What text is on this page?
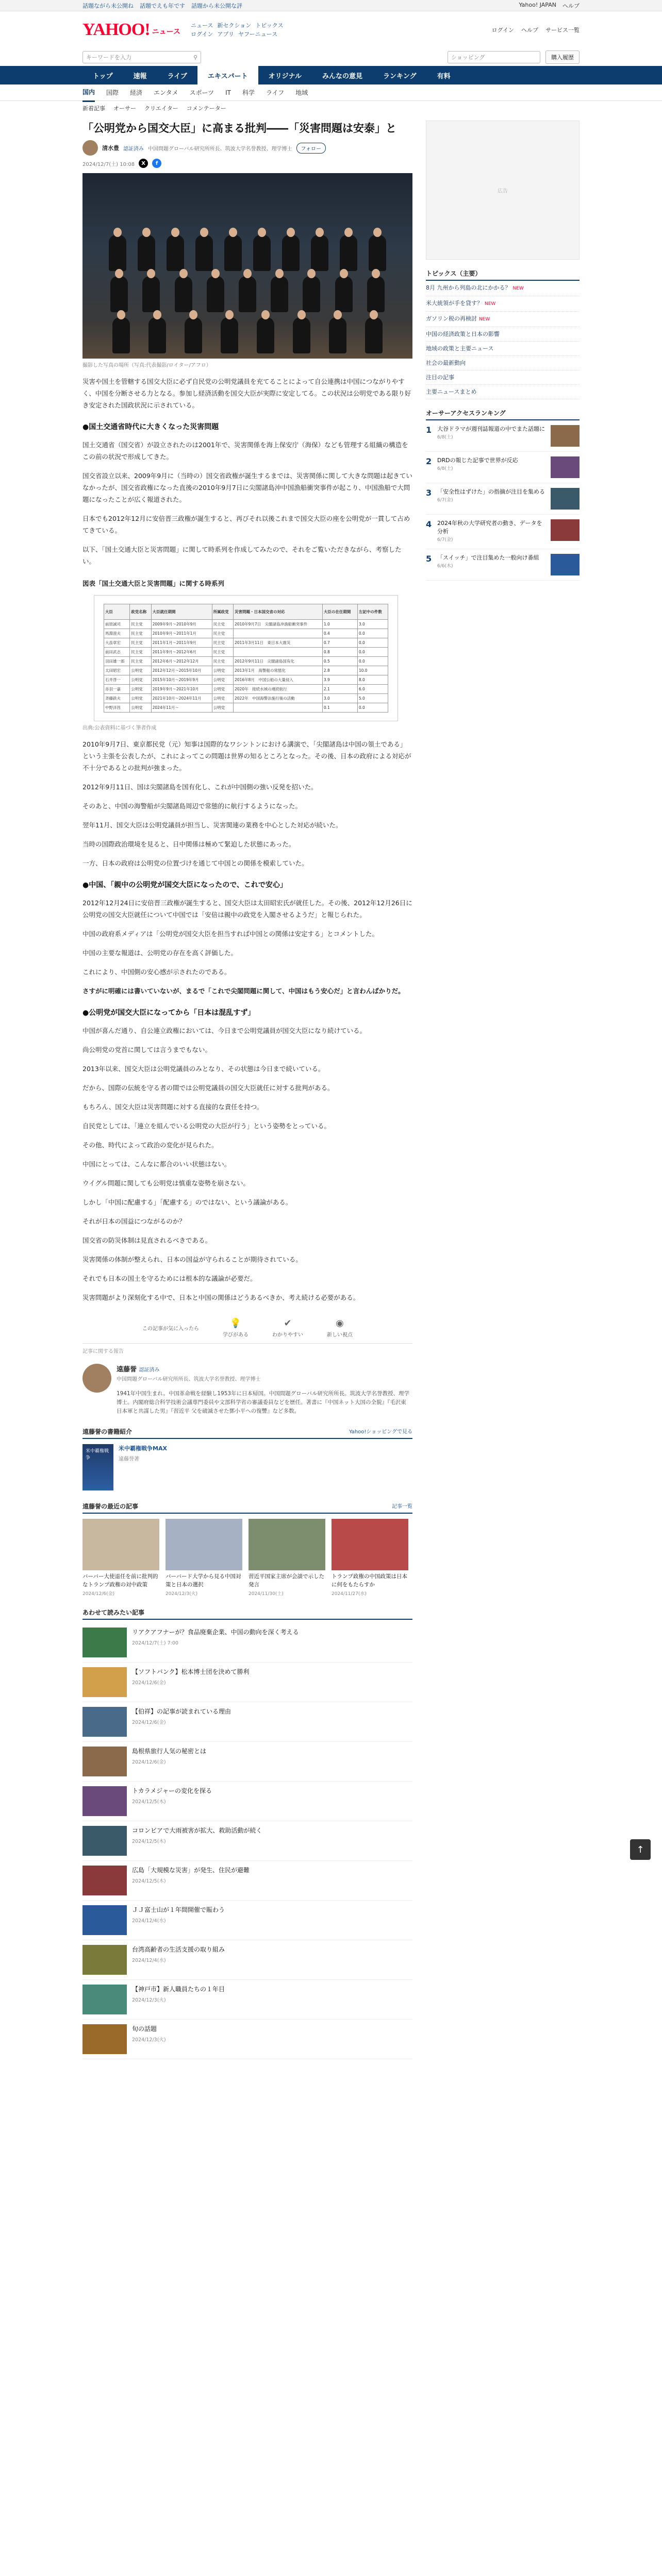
話題ながら未公開ね 話題でえも年です 話題から未公開な評	Yahoo! JAPAN ヘルプ
YAHOO! ニュース
ニュース 新セクション トピックス
ログイン アプリ ヤフーニュース
ログイン ヘルプ サービス一覧
キーワードを入力	⚲	ショッピング	購入履歴
トップ	速報	ライブ	エキスパート	オリジナル	みんなの意見	ランキング	有料
国内 国際 経済 エンタメ スポーツ IT 科学 ライフ 地域
新着記事 オーサー クリエイター コメンテーター
「公明党から国交大臣」に高まる批判――「災害問題は安泰」と
清水豊 認証済み 中国問題グローバル研究所所長、筑波大学名誉教授、理学博士	フォロー
2024/12/7(土) 10:08	X	f
撮影した写真の場所（写真:代表撮影/ロイター/アフロ）

災害や国土を管轄する国交大臣に必ず自民党の公明党議員を充てることによって自公連携は中国につながりやすく、中国を分断させる力となる。参加し経済活動を国交大臣が実際に安定してる。この状況は公明党である限り好き安定された国政状況に示されている。

●国土交通省時代に大きくなった災害問題

国土交通省（国交省）が設立されたのは2001年で、災害関係を海上保安庁（海保）なども管理する組織の構造をこの前の状況で形成してきた。

国交省設立以来、2009年9月に（当時の）国交省政権が誕生するまでは、災害関係に関して大きな問題は起きていなかったが、国交省政権になった直後の2010年9月7日に尖閣諸島沖中国漁船衝突事件が起こり、中国漁船で大問題になったことが広く報道された。

日本でも2012年12月に安倍晋三政権が誕生すると、再びそれ以後これまで国交大臣の座を公明党が一貫して占めてきている。

以下、「国土交通大臣と災害問題」に関して時系列を作成してみたので、それをご覧いただきながら、考察したい。

図表「国土交通大臣と災害問題」に関する時系列
大臣	政党名称	大臣就任期間	所属政党	災害問題・日本国交省の対応	大臣の在任期間	左記中の件数
前原誠司	民主党	2009年9月〜2010年9月	民主党	2010年9月7日　尖閣諸島沖漁船衝突事件	1.0	3.0
馬淵澄夫	民主党	2010年9月〜2011年1月	民主党		0.4	0.0
大畠章宏	民主党	2011年1月〜2011年9月	民主党	2011年3月11日　東日本大震災	0.7	0.0
前田武志	民主党	2011年9月〜2012年6月	民主党		0.8	0.0
羽田雄一郎	民主党	2012年6月〜2012年12月	民主党	2012年9月11日　尖閣諸島国有化	0.5	0.0
太田昭宏	公明党	2012年12月〜2015年10月	公明党	2013年1月　海警船の常態化	2.8	10.0
石井啓一	公明党	2015年10月〜2019年9月	公明党	2016年8月　中国公船の大量侵入	3.9	8.0
赤羽一嘉	公明党	2019年9月〜2021年10月	公明党	2020年　接続水域の連続航行	2.1	6.0
斉藤鉄夫	公明党	2021年10月〜2024年11月	公明党	2022年　中国海警法施行後の活動	3.0	5.0
中野洋昌	公明党	2024年11月〜	公明党		0.1	0.0
出典:公表資料に基づく筆者作成

2010年9月7日、東京都民党（元）知事は国際的なワシントンにおける講演で、「尖閣諸島は中国の領土である」という主張を公表したが、これによってこの問題は世界の知るところとなった。その後、日本の政府による対応が不十分であるとの批判が強まった。

2012年9月11日、国は尖閣諸島を国有化し、これが中国側の強い反発を招いた。

そのあと、中国の海警船が尖閣諸島周辺で常態的に航行するようになった。

翌年11月、国交大臣は公明党議員が担当し、災害関連の業務を中心とした対応が続いた。

当時の国際政治環境を見ると、日中関係は極めて緊迫した状態にあった。

一方、日本の政府は公明党の位置づけを通じて中国との関係を模索していた。

●中国、「親中の公明党が国交大臣になったので、これで安心」

2012年12月24日に安倍晋三政権が誕生すると、国交大臣は太田昭宏氏が就任した。その後、2012年12月26日に公明党の国交大臣就任について中国では「安倍は親中の政党を入閣させるようだ」と報じられた。

中国の政府系メディアは「公明党が国交大臣を担当すれば中国との関係は安定する」とコメントした。

中国の主要な報道は、公明党の存在を高く評価した。

これにより、中国側の安心感が示されたのである。

さすがに明確には書いていないが、まるで「これで尖閣問題に関して、中国はもう安心だ」と言わんばかりだ。

●公明党が国交大臣になってから「日本は混乱すず」

中国が喜んだ通り、自公連立政権においては、今日まで公明党議員が国交大臣になり続けている。

尚公明党の党首に関しては言うまでもない。

2013年以来、国交大臣は公明党議員のみとなり、その状態は今日まで続いている。

だから、国際の伝統を守る者の間では公明党議員の国交大臣就任に対する批判がある。

もちろん、国交大臣は災害問題に対する直接的な責任を持つ。

自民党としては、「連立を組んでいる公明党の大臣が行う」という姿勢をとっている。

その他、時代によって政治の変化が見られた。

中国にとっては、こんなに都合のいい状態はない。

ウイグル問題に関しても公明党は慎重な姿勢を崩さない。

しかし「中国に配慮する」「配慮する」のではない、という議論がある。

それが日本の国益につながるのか？

国交省の防災体制は見直されるべきである。

災害関係の体制が整えられ、日本の国益が守られることが期待されている。

それでも日本の国土を守るためには根本的な議論が必要だ。

災害問題がより深刻化する中で、日本と中国の関係はどうあるべきか、考え続ける必要がある。

この記事が気に入ったら
💡
学びがある
✔
わかりやすい
◉
新しい視点
記事に関する報告
遠藤誉 認証済み
中国問題グローバル研究所所長、筑波大学名誉教授、理学博士
1941年中国生まれ。中国革命戦を経験し1953年に日本帰国。中国問題グローバル研究所所長。筑波大学名誉教授、理学博士。内閣府総合科学技術会議専門委員や文部科学省の審議委員などを歴任。著書に『中国ネット大国の全貌』『毛沢東 日本軍と共謀した男』『習近平 父を破滅させた鄧小平への復讐』など多数。
遠藤誉の書籍紹介	Yahoo!ショッピングで見る
米中覇権戦争
米中覇権戦争MAX
遠藤誉著
遠藤誉の最近の記事	記事一覧
バーバー大使退任を前に批判的なトランプ政権の対中政策
2024/12/6(金)
バーバード大学から見る中国対策と日本の選択
2024/12/3(火)
習近平国家主席が会談で示した発言
2024/11/30(土)
トランプ政権の中国政策は日本に何をもたらすか
2024/11/27(水)
あわせて読みたい記事
リアクアフナーが？食品廃棄企業、中国の動向を深く考える
2024/12/7(土) 7:00
【ソフトバンク】松本博士団を決めて勝利
2024/12/6(金)
【伯祥】の記事が読まれている理由
2024/12/6(金)
島根県旅行人気の秘密とは
2024/12/6(金)
トカラメジャーの変化を探る
2024/12/5(木)
コロンビアで大雨被害が拡大、救助活動が続く
2024/12/5(木)
広島「大規模な災害」が発生、住民が避難
2024/12/5(木)
ＪＪ富士山が１年間開催で賑わう
2024/12/4(水)
台湾高齢者の生活支援の取り組み
2024/12/4(水)
【神戸市】新人職員たちの１年目
2024/12/3(火)
旬の話題
2024/12/3(火)
広告
トピックス（主要）
8月 九州から列島の北にかかる？ NEW
米大統領が手を貸す？ NEW
ガソリン税の再検討 NEW
中国の経済政策と日本の影響
地域の政策と主要ニュース
社会の最新動向
注目の記事
主要ニュースまとめ
オーサーアクセスランキング
1 大谷ドラマが週刊誌報道の中でまた話題に
6/8(土)
2 DRDの報じた記事で世界が反応
6/8(土)
3 「安全性はずけた」の指摘が注目を集める
6/7(金)
4 2024年秋の大学研究者の動き、データを分析
6/7(金)
5 「スイッチ」で注目集めた一般向け番組
6/6(木)
↑
